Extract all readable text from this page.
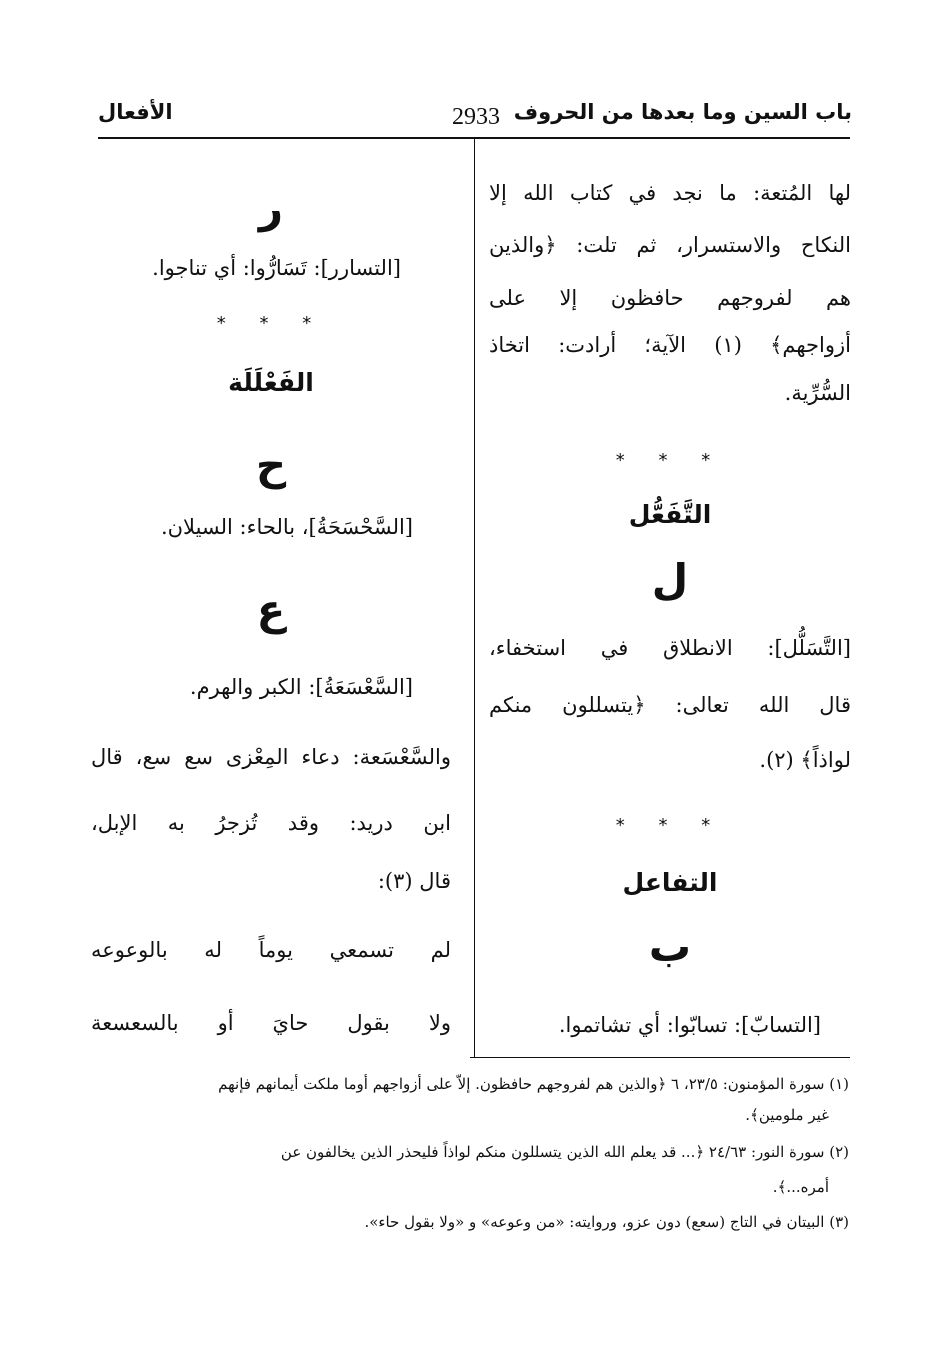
باب السين وما بعدها من الحروف
2933
الأفعال
لها المُتعة: ما نجد في كتاب الله إلا
النكاح والاستسرار، ثم تلت: ﴿والذين
هم لفروجهم حافظون إلا على
أزواجهم﴾ (١) الآية؛ أرادت: اتخاذ
السُّرِّية.
* * *
التَّفَعُّل
ل
[التَّسَلُّل]: الانطلاق في استخفاء،
قال الله تعالى: ﴿يتسللون منكم
لواذاً﴾ (٢).
* * *
التفاعل
ب
[التسابّ]: تسابّوا: أي تشاتموا.
ر
[التسارر]: تَسَارُّوا: أي تناجوا.
* * *
الفَعْلَلَة
ح
[السَّحْسَحَةُ]، بالحاء: السيلان.
ع
[السَّعْسَعَةُ]: الكبر والهرم.
والسَّعْسَعة: دعاء المِعْزى سع سع، قال
ابن دريد: وقد تُزجرُ به الإبل،
قال (٣):
لم تسمعي يوماً له بالوعوعه
ولا بقول حايَ أو بالسعسعة
(١) سورة المؤمنون: ٢٣/٥، ٦ ﴿والذين هم لفروجهم حافظون. إلاّ على أزواجهم أوما ملكت أيمانهم فإنهم
غير ملومين﴾.
(٢) سورة النور: ٢٤/٦٣ ﴿... قد يعلم الله الذين يتسللون منكم لواذاً فليحذر الذين يخالفون عن
أمره...﴾.
(٣) البيتان في التاج (سعع) دون عزو، وروايته: «من وعوعه» و «ولا بقول حاء».
